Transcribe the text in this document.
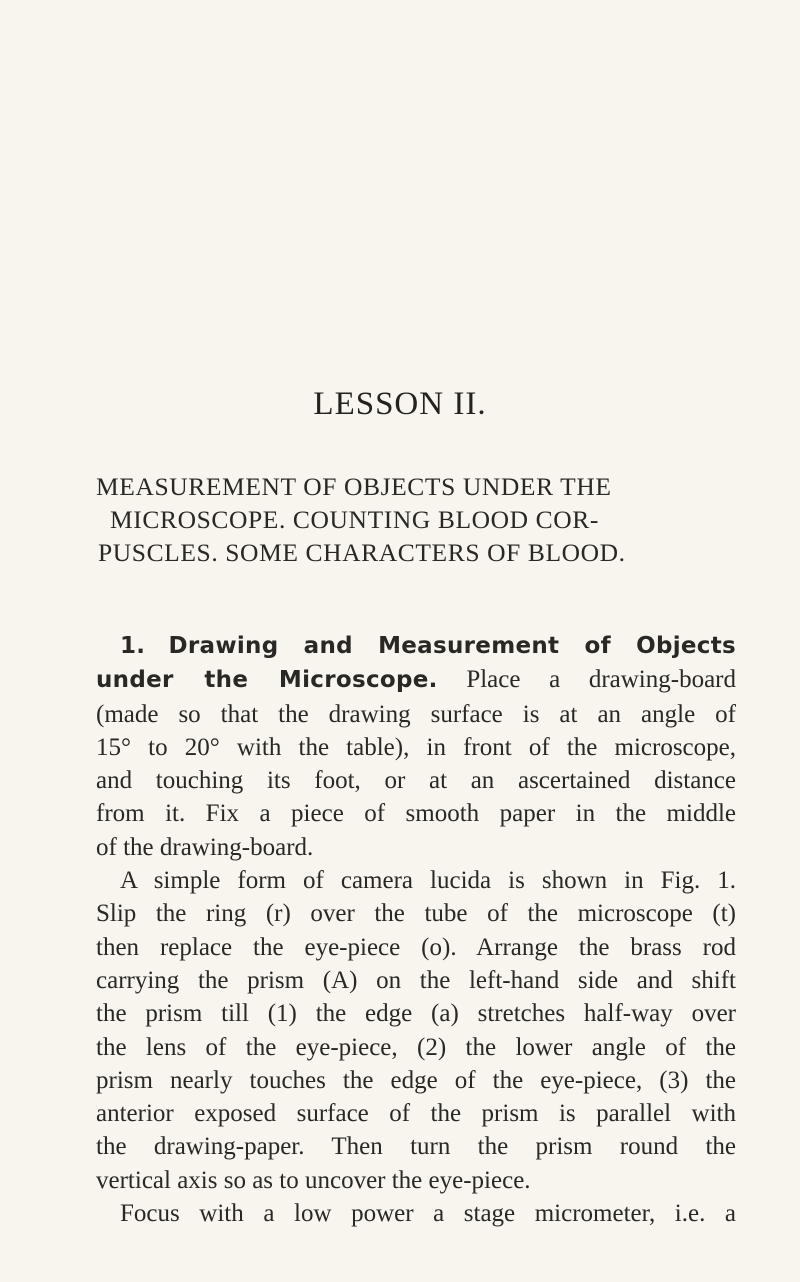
LESSON II.

MEASUREMENT OF OBJECTS UNDER THE
MICROSCOPE. COUNTING BLOOD COR-
PUSCLES. SOME CHARACTERS OF BLOOD.

1. Drawing and Measurement of Objects
under the Microscope. Place a drawing-board
(made so that the drawing surface is at an angle of
15° to 20° with the table), in front of the microscope,
and touching its foot, or at an ascertained distance
from it. Fix a piece of smooth paper in the middle
of the drawing-board.
A simple form of camera lucida is shown in Fig. 1.
Slip the ring (r) over the tube of the microscope (t)
then replace the eye-piece (o). Arrange the brass rod
carrying the prism (A) on the left-hand side and shift
the prism till (1) the edge (a) stretches half-way over
the lens of the eye-piece, (2) the lower angle of the
prism nearly touches the edge of the eye-piece, (3) the
anterior exposed surface of the prism is parallel with
the drawing-paper. Then turn the prism round the
vertical axis so as to uncover the eye-piece.
Focus with a low power a stage micrometer, i.e. a
